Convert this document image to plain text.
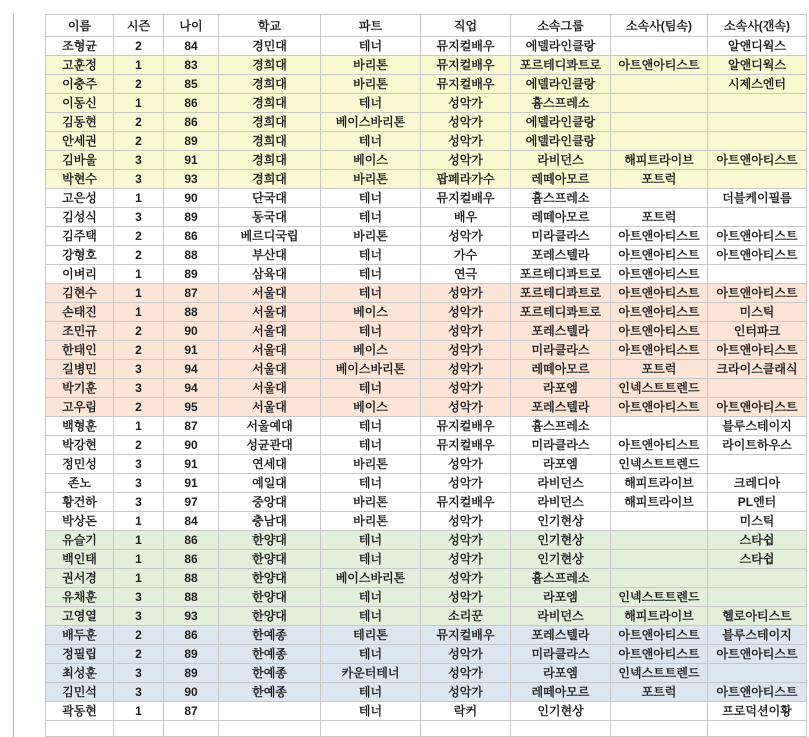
이름	시즌	나이	학교	파트	직업	소속그룹	소속사(팀속)	소속사(갠속)
조형균	2	84	경민대	테너	뮤지컬배우	에델라인클랑		알앤디웍스
고훈정	1	83	경희대	바리톤	뮤지컬배우	포르테디콰트로	아트앤아티스트	알앤디웍스
이충주	2	85	경희대	바리톤	뮤지컬배우	에델라인클랑		시제스엔터
이동신	1	86	경희대	테너	성악가	흄스프레소		
김동현	2	86	경희대	베이스바리톤	성악가	에델라인클랑		
안세권	2	89	경희대	테너	성악가	에델라인클랑		
김바울	3	91	경희대	베이스	성악가	라비던스	해피트라이브	아트앤아티스트
박현수	3	93	경희대	바리톤	팝페라가수	레떼아모르	포트럭	
고은성	1	90	단국대	테너	뮤지컬배우	흄스프레소		더블케이필름
김성식	3	89	동국대	테너	배우	레떼아모르	포트럭	
김주택	2	86	베르디국립	바리톤	성악가	미라클라스	아트앤아티스트	아트앤아티스트
강형호	2	88	부산대	테너	가수	포레스텔라	아트앤아티스트	아트앤아티스트
이벼리	1	89	삼육대	테너	연극	포르테디콰트로	아트앤아티스트	
김현수	1	87	서울대	테너	성악가	포르테디콰트로	아트앤아티스트	아트앤아티스트
손태진	1	88	서울대	베이스	성악가	포르테디콰트로	아트앤아티스트	미스틱
조민규	2	90	서울대	테너	성악가	포레스텔라	아트앤아티스트	인터파크
한태인	2	91	서울대	베이스	성악가	미라클라스	아트앤아티스트	아트앤아티스트
길병민	3	94	서울대	베이스바리톤	성악가	레떼아모르	포트럭	크라이스클래식
박기훈	3	94	서울대	테너	성악가	라포엠	인넥스트트렌드	
고우림	2	95	서울대	베이스	성악가	포레스텔라	아트앤아티스트	아트앤아티스트
백형훈	1	87	서울예대	테너	뮤지컬배우	흄스프레소		블루스테이지
박강현	2	90	성균관대	테너	뮤지컬배우	미라클라스	아트앤아티스트	라이트하우스
정민성	3	91	연세대	바리톤	성악가	라포엠	인넥스트트렌드	
존노	3	91	예일대	테너	성악가	라비던스	해피트라이브	크레디아
황건하	3	97	중앙대	바리톤	뮤지컬배우	라비던스	해피트라이브	PL엔터
박상돈	1	84	충남대	바리톤	성악가	인기현상		미스틱
유슬기	1	86	한양대	테너	성악가	인기현상		스타쉽
백인태	1	86	한양대	테너	성악가	인기현상		스타쉽
권서경	1	88	한양대	베이스바리톤	성악가	흄스프레소		
유채훈	3	88	한양대	테너	성악가	라포엠	인넥스트트렌드	
고영열	3	93	한양대	테너	소리꾼	라비던스	해피트라이브	헬로아티스트
배두훈	2	86	한예종	테리톤	뮤지컬배우	포레스텔라	아트앤아티스트	블루스테이지
정필립	2	89	한예종	테너	성악가	미라클라스	아트앤아티스트	아트앤아티스트
최성훈	3	89	한예종	카운터테너	성악가	라포엠	인넥스트트렌드	
김민석	3	90	한예종	테너	성악가	레떼아모르	포트럭	아트앤아티스트
곽동현	1	87		테너	락커	인기현상		프로덕션이황
